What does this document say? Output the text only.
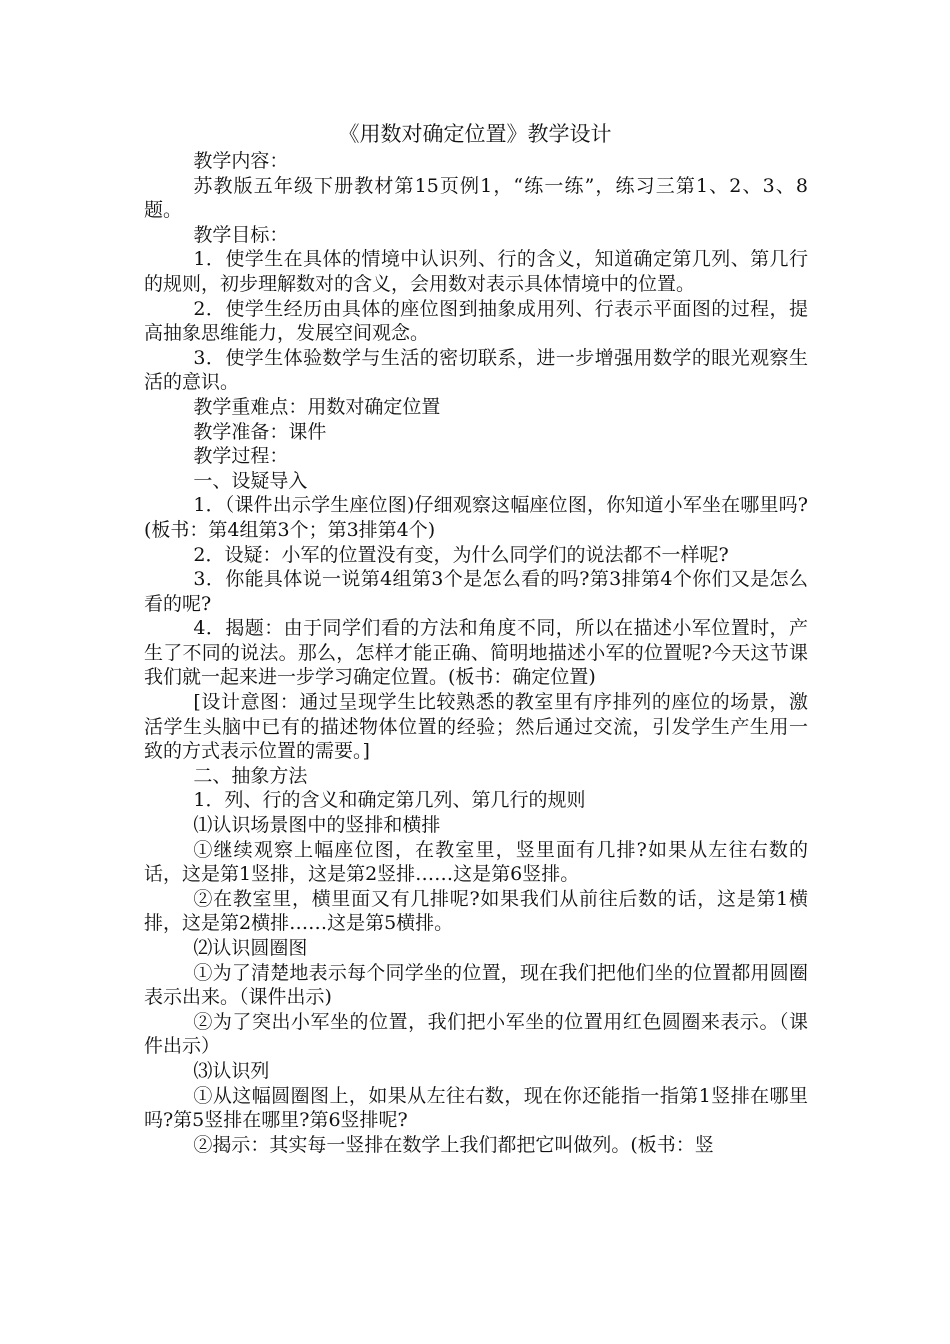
《用数对确定位置》教学设计

教学内容：

苏教版五年级下册教材第15页例1，“练一练”，练习三第1、2、3、8题。

教学目标：

1．使学生在具体的情境中认识列、行的含义，知道确定第几列、第几行的规则，初步理解数对的含义，会用数对表示具体情境中的位置。

2．使学生经历由具体的座位图到抽象成用列、行表示平面图的过程，提高抽象思维能力，发展空间观念。

3．使学生体验数学与生活的密切联系，进一步增强用数学的眼光观察生活的意识。

教学重难点：用数对确定位置

教学准备：课件

教学过程：

一、设疑导入

1．（课件出示学生座位图)仔细观察这幅座位图，你知道小军坐在哪里吗?(板书：第4组第3个；第3排第4个)

2．设疑：小军的位置没有变，为什么同学们的说法都不一样呢?

3．你能具体说一说第4组第3个是怎么看的吗?第3排第4个你们又是怎么看的呢?

4．揭题：由于同学们看的方法和角度不同，所以在描述小军位置时，产生了不同的说法。那么，怎样才能正确、简明地描述小军的位置呢?今天这节课我们就一起来进一步学习确定位置。(板书：确定位置)

[设计意图：通过呈现学生比较熟悉的教室里有序排列的座位的场景，激活学生头脑中已有的描述物体位置的经验；然后通过交流，引发学生产生用一致的方式表示位置的需要。]

二、抽象方法

1．列、行的含义和确定第几列、第几行的规则

⑴认识场景图中的竖排和横排

①继续观察上幅座位图，在教室里，竖里面有几排?如果从左往右数的话，这是第1竖排，这是第2竖排……这是第6竖排。

②在教室里，横里面又有几排呢?如果我们从前往后数的话，这是第1横排，这是第2横排……这是第5横排。

⑵认识圆圈图

①为了清楚地表示每个同学坐的位置，现在我们把他们坐的位置都用圆圈表示出来。（课件出示)

②为了突出小军坐的位置，我们把小军坐的位置用红色圆圈来表示。（课件出示）

⑶认识列

①从这幅圆圈图上，如果从左往右数，现在你还能指一指第1竖排在哪里吗?第5竖排在哪里?第6竖排呢?

②揭示：其实每一竖排在数学上我们都把它叫做列。(板书：竖
